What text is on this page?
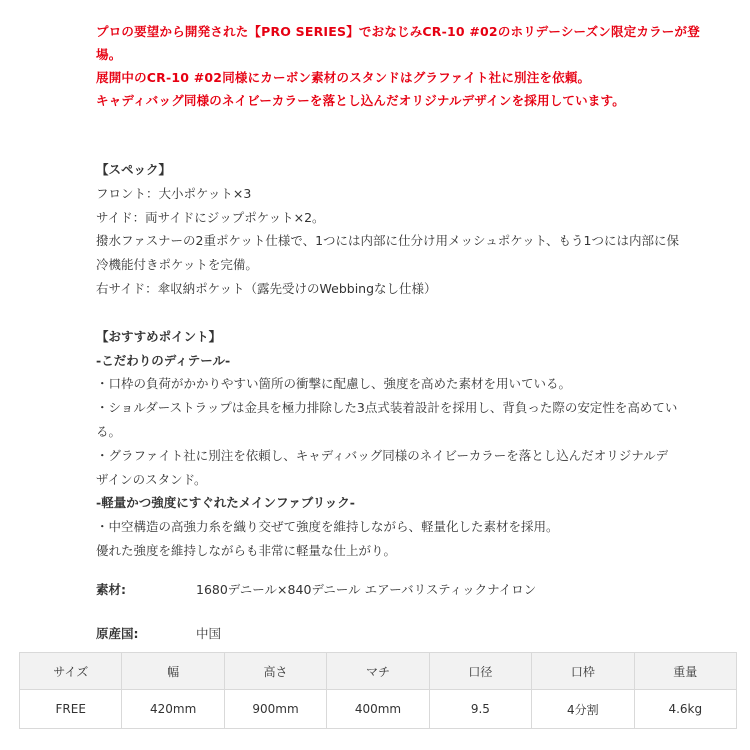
プロの要望から開発された【PRO SERIES】でおなじみCR-10 #02のホリデーシーズン限定カラーが登
場。
展開中のCR-10 #02同様にカーボン素材のスタンドはグラファイト社に別注を依頼。
キャディバッグ同様のネイビーカラーを落とし込んだオリジナルデザインを採用しています。

【スペック】
フロント：大小ポケット×3
サイド：両サイドにジップポケット×2。
撥水ファスナーの2重ポケット仕様で、1つには内部に仕分け用メッシュポケット、もう1つには内部に保
冷機能付きポケットを完備。
右サイド：傘収納ポケット（露先受けのWebbingなし仕様）
【おすすめポイント】
-こだわりのディテール-
・口枠の負荷がかかりやすい箇所の衝撃に配慮し、強度を高めた素材を用いている。
・ショルダーストラップは金具を極力排除した3点式装着設計を採用し、背負った際の安定性を高めてい
る。
・グラファイト社に別注を依頼し、キャディバッグ同様のネイビーカラーを落とし込んだオリジナルデ
ザインのスタンド。
-軽量かつ強度にすぐれたメインファブリック-
・中空構造の高強力糸を織り交ぜて強度を維持しながら、軽量化した素材を採用。
優れた強度を維持しながらも非常に軽量な仕上がり。
素材:	1680デニール×840デニール エアーバリスティックナイロン
原産国:	中国
サイズ	幅	高さ	マチ	口径	口枠	重量
FREE	420mm	900mm	400mm	9.5	4分割	4.6kg
